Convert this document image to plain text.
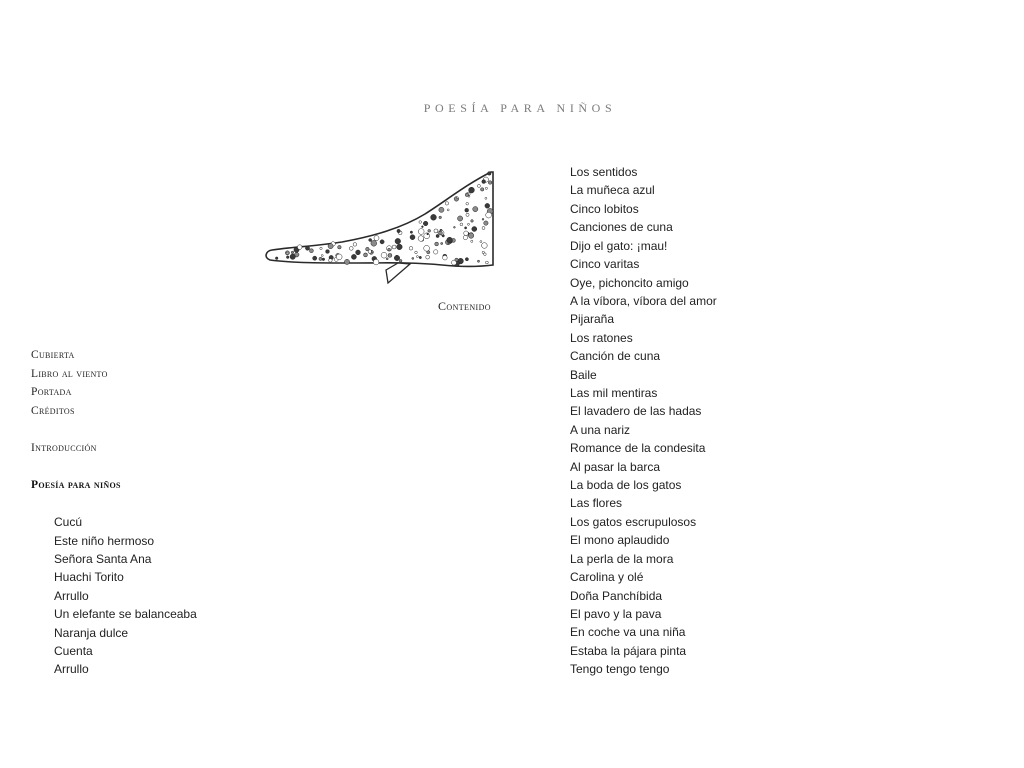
POESÍA PARA NIÑOS
Contenido
Cubierta
Libro al viento
Portada
Créditos
Introducción
Poesía para niños
Cucú
Este niño hermoso
Señora Santa Ana
Huachi Torito
Arrullo
Un elefante se balanceaba
Naranja dulce
Cuenta
Arrullo
Los sentidos
La muñeca azul
Cinco lobitos
Canciones de cuna
Dijo el gato: ¡mau!
Cinco varitas
Oye, pichoncito amigo
A la víbora, víbora del amor
Pijaraña
Los ratones
Canción de cuna
Baile
Las mil mentiras
El lavadero de las hadas
A una nariz
Romance de la condesita
Al pasar la barca
La boda de los gatos
Las flores
Los gatos escrupulosos
El mono aplaudido
La perla de la mora
Carolina y olé
Doña Panchíbida
El pavo y la pava
En coche va una niña
Estaba la pájara pinta
Tengo tengo tengo
